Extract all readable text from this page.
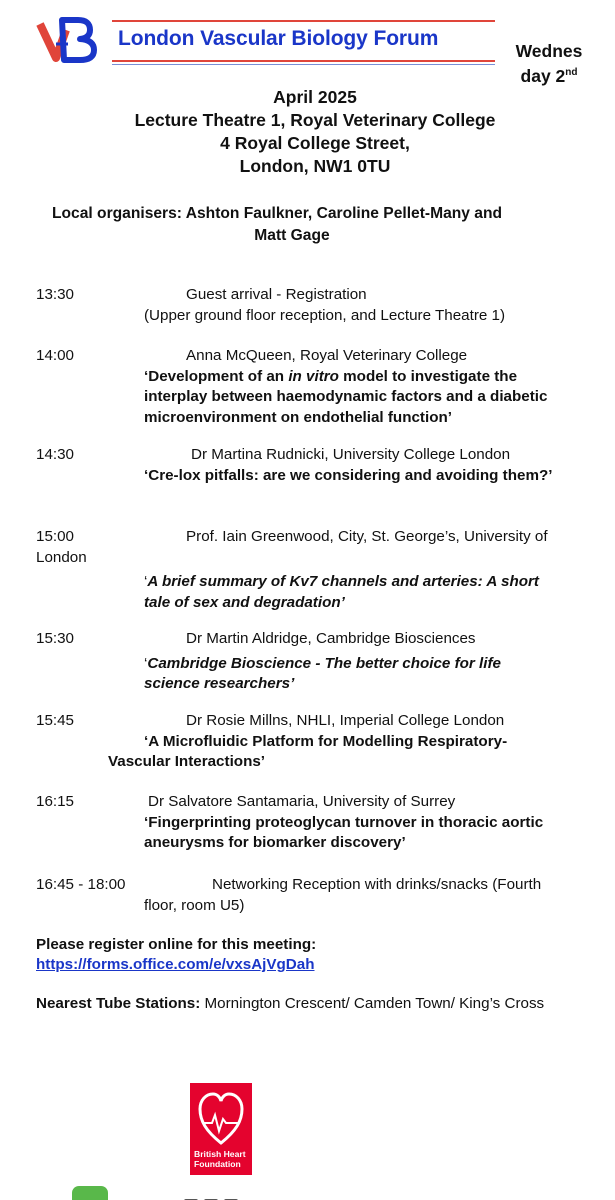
London Vascular Biology Forum
Wednes
day 2nd
April 2025
Lecture Theatre 1, Royal Veterinary College
4 Royal College Street,
London, NW1 0TU
Local organisers: Ashton Faulkner, Caroline Pellet-Many and
Matt Gage
13:30	Guest arrival - Registration
(Upper ground floor reception, and Lecture Theatre 1)
14:00	Anna McQueen, Royal Veterinary College
‘Development of an in vitro model to investigate the interplay between haemodynamic factors and a diabetic microenvironment on endothelial function’
14:30	Dr Martina Rudnicki, University College London
‘Cre-lox pitfalls: are we considering and avoiding them?’
15:00	Prof. Iain Greenwood, City, St. George’s, University of
London
‘A brief summary of Kv7 channels and arteries: A short tale of sex and degradation’
15:30	Dr Martin Aldridge, Cambridge Biosciences
‘Cambridge Bioscience - The better choice for life science researchers’
15:45	Dr Rosie Millns, NHLI, Imperial College London
‘A Microfluidic Platform for Modelling Respiratory-Vascular Interactions’
16:15	Dr Salvatore Santamaria, University of Surrey
‘Fingerprinting proteoglycan turnover in thoracic aortic aneurysms for biomarker discovery’
16:45 - 18:00	Networking Reception with drinks/snacks (Fourth
floor, room U5)
Please register online for this meeting:
https://forms.office.com/e/vxsAjVgDah
Nearest Tube Stations: Mornington Crescent/ Camden Town/ King’s Cross
British Heart
Foundation
